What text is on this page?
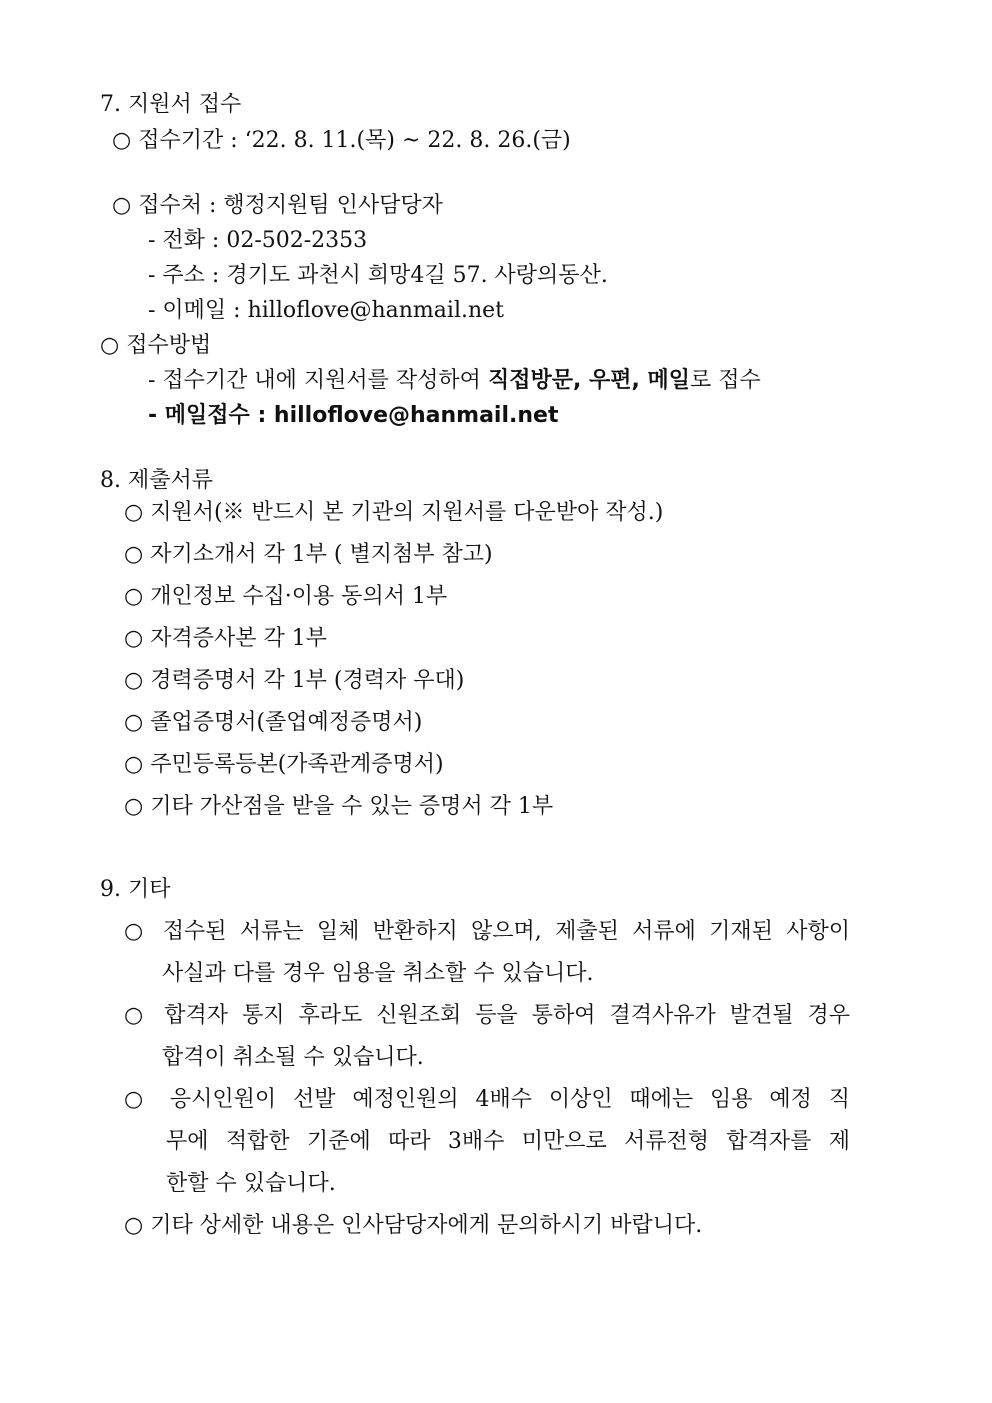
7. 지원서 접수
○ 접수기간 : ‘22. 8. 11.(목) ~ 22. 8. 26.(금)
○ 접수처 : 행정지원팀 인사담당자
- 전화 : 02-502-2353
- 주소 : 경기도 과천시 희망4길 57. 사랑의동산.
- 이메일 : hilloflove@hanmail.net
○ 접수방법
- 접수기간 내에 지원서를 작성하여 직접방문, 우편, 메일로 접수
- 메일접수 : hilloflove@hanmail.net
8. 제출서류
○ 지원서(※ 반드시 본 기관의 지원서를 다운받아 작성.)
○ 자기소개서 각 1부 ( 별지첨부 참고)
○ 개인정보 수집·이용 동의서 1부
○ 자격증사본 각 1부
○ 경력증명서 각 1부 (경력자 우대)
○ 졸업증명서(졸업예정증명서)
○ 주민등록등본(가족관계증명서)
○ 기타 가산점을 받을 수 있는 증명서 각 1부
9. 기타
○ 접수된 서류는 일체 반환하지 않으며, 제출된 서류에 기재된 사항이
사실과 다를 경우 임용을 취소할 수 있습니다.
○ 합격자 통지 후라도 신원조회 등을 통하여 결격사유가 발견될 경우
합격이 취소될 수 있습니다.
○ 응시인원이 선발 예정인원의 4배수 이상인 때에는 임용 예정 직
무에 적합한 기준에 따라 3배수 미만으로 서류전형 합격자를 제
한할 수 있습니다.
○ 기타 상세한 내용은 인사담당자에게 문의하시기 바랍니다.
